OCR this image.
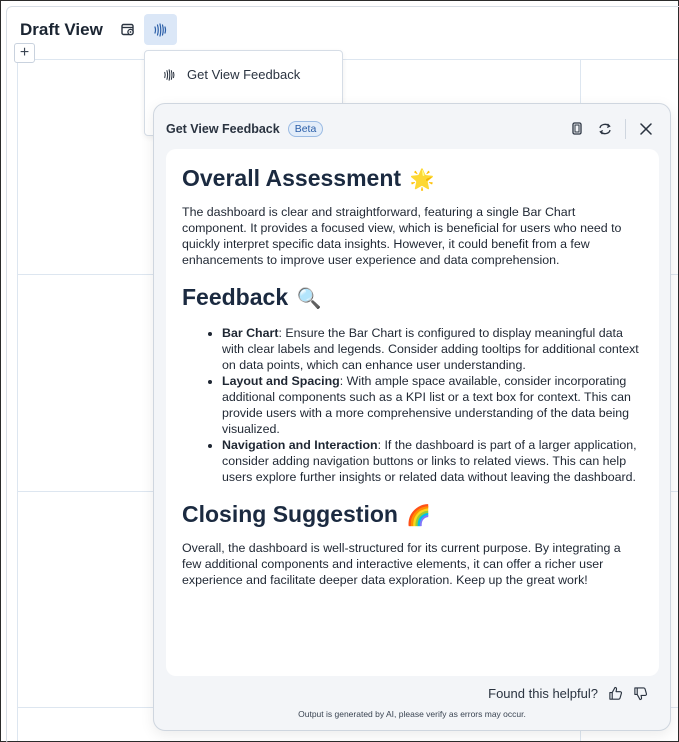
Draft View
+
Get View Feedback
Get View Feedback	Beta
Overall Assessment 🌟
The dashboard is clear and straightforward, featuring a single Bar Chart component. It provides a focused view, which is beneficial for users who need to quickly interpret specific data insights. However, it could benefit from a few enhancements to improve user experience and data comprehension.
Feedback 🔍
• Bar Chart: Ensure the Bar Chart is configured to display meaningful data with clear labels and legends. Consider adding tooltips for additional context on data points, which can enhance user understanding.
• Layout and Spacing: With ample space available, consider incorporating additional components such as a KPI list or a text box for context. This can provide users with a more comprehensive understanding of the data being visualized.
• Navigation and Interaction: If the dashboard is part of a larger application, consider adding navigation buttons or links to related views. This can help users explore further insights or related data without leaving the dashboard.
Closing Suggestion 🌈
Overall, the dashboard is well-structured for its current purpose. By integrating a few additional components and interactive elements, it can offer a richer user experience and facilitate deeper data exploration. Keep up the great work!
Found this helpful?
Output is generated by AI, please verify as errors may occur.
